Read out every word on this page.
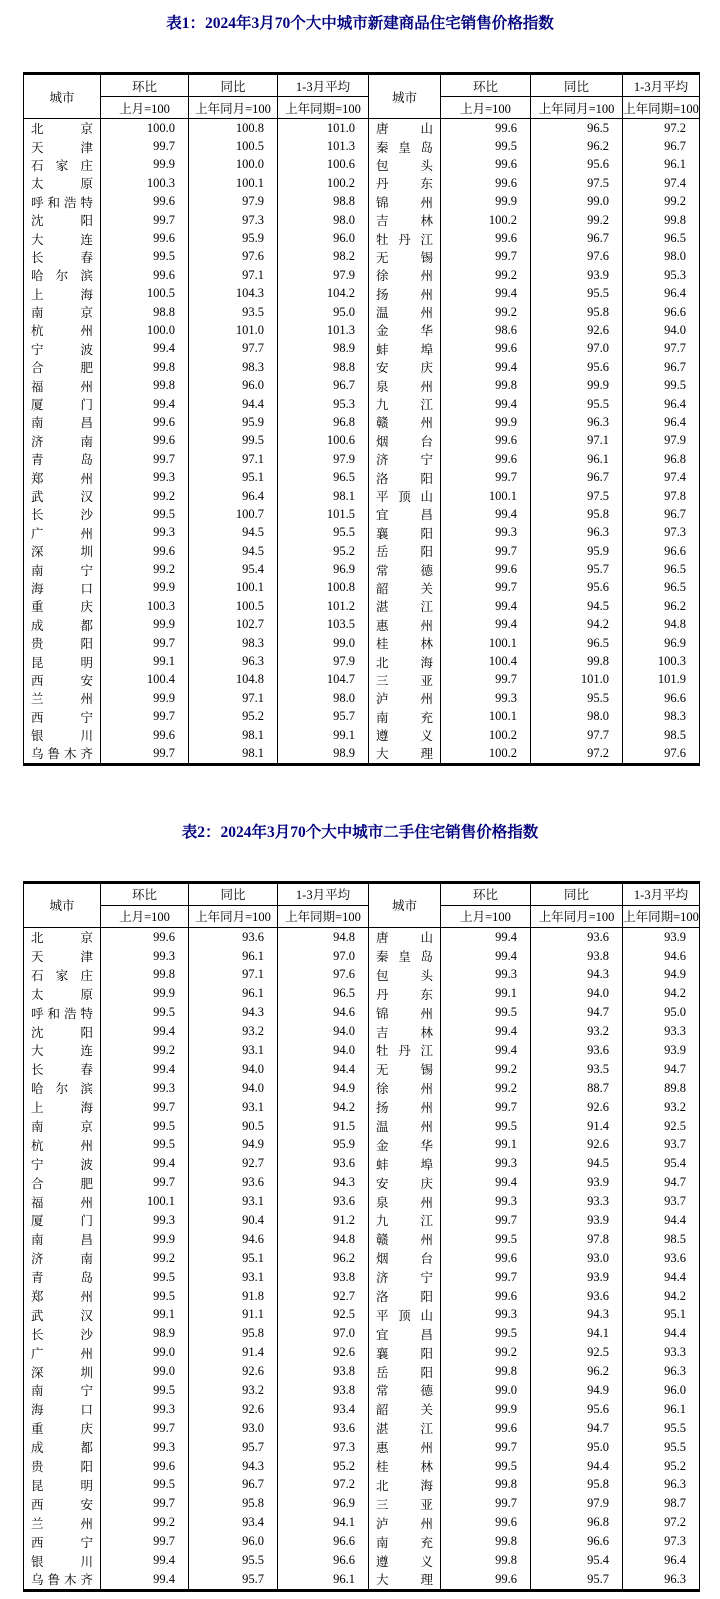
表1：2024年3月70个大中城市新建商品住宅销售价格指数
城市	环比	同比	1-3月平均	城市	环比	同比	1-3月平均
	上月=100	上年同月=100	上年同期=100		上月=100	上年同月=100	上年同期=100

北 京	100.0	100.8	101.0	唐 山	99.6	96.5	97.2

天 津	99.7	100.5	101.3	秦 皇 岛	99.5	96.2	96.7

石 家 庄	99.9	100.0	100.6	包 头	99.6	95.6	96.1

太 原	100.3	100.1	100.2	丹 东	99.6	97.5	97.4

呼 和 浩 特	99.6	97.9	98.8	锦 州	99.9	99.0	99.2

沈 阳	99.7	97.3	98.0	吉 林	100.2	99.2	99.8

大 连	99.6	95.9	96.0	牡 丹 江	99.6	96.7	96.5

长 春	99.5	97.6	98.2	无 锡	99.7	97.6	98.0

哈 尔 滨	99.6	97.1	97.9	徐 州	99.2	93.9	95.3

上 海	100.5	104.3	104.2	扬 州	99.4	95.5	96.4

南 京	98.8	93.5	95.0	温 州	99.2	95.8	96.6

杭 州	100.0	101.0	101.3	金 华	98.6	92.6	94.0

宁 波	99.4	97.7	98.9	蚌 埠	99.6	97.0	97.7

合 肥	99.8	98.3	98.8	安 庆	99.4	95.6	96.7

福 州	99.8	96.0	96.7	泉 州	99.8	99.9	99.5

厦 门	99.4	94.4	95.3	九 江	99.4	95.5	96.4

南 昌	99.6	95.9	96.8	赣 州	99.9	96.3	96.4

济 南	99.6	99.5	100.6	烟 台	99.6	97.1	97.9

青 岛	99.7	97.1	97.9	济 宁	99.6	96.1	96.8

郑 州	99.3	95.1	96.5	洛 阳	99.7	96.7	97.4

武 汉	99.2	96.4	98.1	平 顶 山	100.1	97.5	97.8

长 沙	99.5	100.7	101.5	宜 昌	99.4	95.8	96.7

广 州	99.3	94.5	95.5	襄 阳	99.3	96.3	97.3

深 圳	99.6	94.5	95.2	岳 阳	99.7	95.9	96.6

南 宁	99.2	95.4	96.9	常 德	99.6	95.7	96.5

海 口	99.9	100.1	100.8	韶 关	99.7	95.6	96.5

重 庆	100.3	100.5	101.2	湛 江	99.4	94.5	96.2

成 都	99.9	102.7	103.5	惠 州	99.4	94.2	94.8

贵 阳	99.7	98.3	99.0	桂 林	100.1	96.5	96.9

昆 明	99.1	96.3	97.9	北 海	100.4	99.8	100.3

西 安	100.4	104.8	104.7	三 亚	99.7	101.0	101.9

兰 州	99.9	97.1	98.0	泸 州	99.3	95.5	96.6

西 宁	99.7	95.2	95.7	南 充	100.1	98.0	98.3

银 川	99.6	98.1	99.1	遵 义	100.2	97.7	98.5

乌 鲁 木 齐	99.7	98.1	98.9	大 理	100.2	97.2	97.6
表2：2024年3月70个大中城市二手住宅销售价格指数
城市	环比	同比	1-3月平均	城市	环比	同比	1-3月平均
	上月=100	上年同月=100	上年同期=100		上月=100	上年同月=100	上年同期=100

北 京	99.6	93.6	94.8	唐 山	99.4	93.6	93.9

天 津	99.3	96.1	97.0	秦 皇 岛	99.4	93.8	94.6

石 家 庄	99.8	97.1	97.6	包 头	99.3	94.3	94.9

太 原	99.9	96.1	96.5	丹 东	99.1	94.0	94.2

呼 和 浩 特	99.5	94.3	94.6	锦 州	99.5	94.7	95.0

沈 阳	99.4	93.2	94.0	吉 林	99.4	93.2	93.3

大 连	99.2	93.1	94.0	牡 丹 江	99.4	93.6	93.9

长 春	99.4	94.0	94.4	无 锡	99.2	93.5	94.7

哈 尔 滨	99.3	94.0	94.9	徐 州	99.2	88.7	89.8

上 海	99.7	93.1	94.2	扬 州	99.7	92.6	93.2

南 京	99.5	90.5	91.5	温 州	99.5	91.4	92.5

杭 州	99.5	94.9	95.9	金 华	99.1	92.6	93.7

宁 波	99.4	92.7	93.6	蚌 埠	99.3	94.5	95.4

合 肥	99.7	93.6	94.3	安 庆	99.4	93.9	94.7

福 州	100.1	93.1	93.6	泉 州	99.3	93.3	93.7

厦 门	99.3	90.4	91.2	九 江	99.7	93.9	94.4

南 昌	99.9	94.6	94.8	赣 州	99.5	97.8	98.5

济 南	99.2	95.1	96.2	烟 台	99.6	93.0	93.6

青 岛	99.5	93.1	93.8	济 宁	99.7	93.9	94.4

郑 州	99.5	91.8	92.7	洛 阳	99.6	93.6	94.2

武 汉	99.1	91.1	92.5	平 顶 山	99.3	94.3	95.1

长 沙	98.9	95.8	97.0	宜 昌	99.5	94.1	94.4

广 州	99.0	91.4	92.6	襄 阳	99.2	92.5	93.3

深 圳	99.0	92.6	93.8	岳 阳	99.8	96.2	96.3

南 宁	99.5	93.2	93.8	常 德	99.0	94.9	96.0

海 口	99.3	92.6	93.4	韶 关	99.9	95.6	96.1

重 庆	99.7	93.0	93.6	湛 江	99.6	94.7	95.5

成 都	99.3	95.7	97.3	惠 州	99.7	95.0	95.5

贵 阳	99.6	94.3	95.2	桂 林	99.5	94.4	95.2

昆 明	99.5	96.7	97.2	北 海	99.8	95.8	96.3

西 安	99.7	95.8	96.9	三 亚	99.7	97.9	98.7

兰 州	99.2	93.4	94.1	泸 州	99.6	96.8	97.2

西 宁	99.7	96.0	96.6	南 充	99.8	96.6	97.3

银 川	99.4	95.5	96.6	遵 义	99.8	95.4	96.4

乌 鲁 木 齐	99.4	95.7	96.1	大 理	99.6	95.7	96.3
